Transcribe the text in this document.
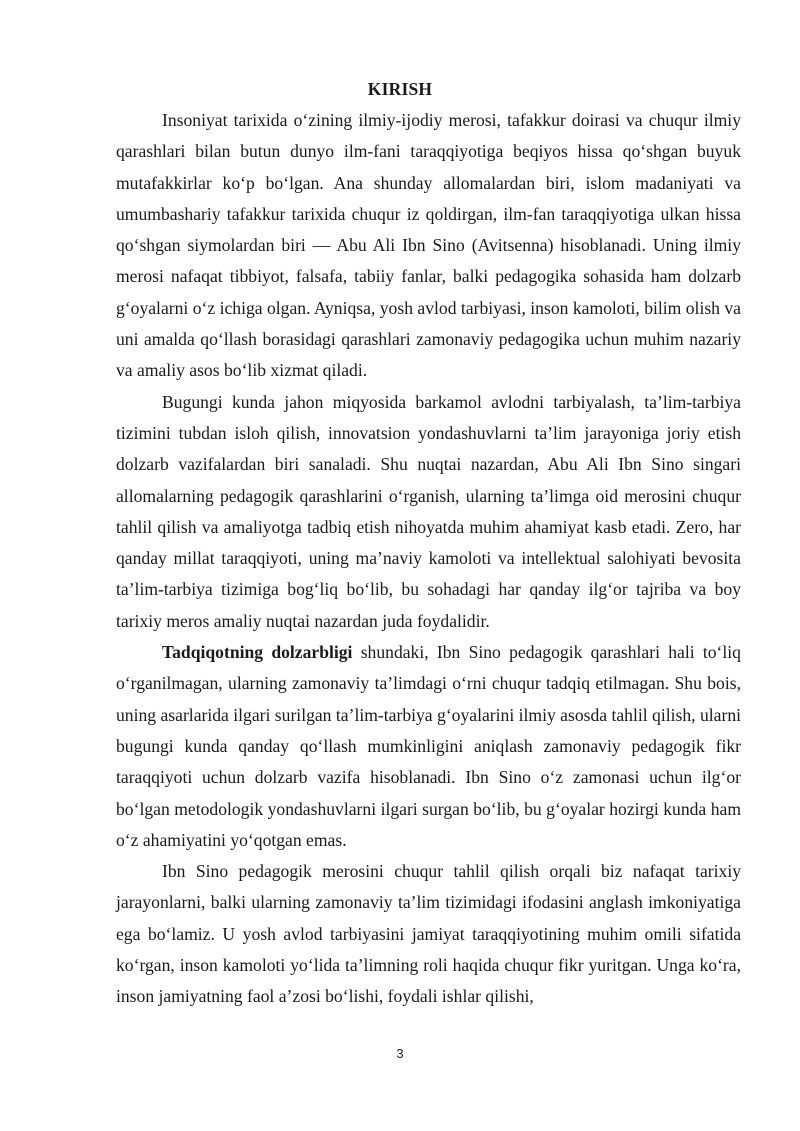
KIRISH

Insoniyat tarixida o‘zining ilmiy-ijodiy merosi, tafakkur doirasi va chuqur ilmiy qarashlari bilan butun dunyo ilm-fani taraqqiyotiga beqiyos hissa qo‘shgan buyuk mutafakkirlar ko‘p bo‘lgan. Ana shunday allomalardan biri, islom madaniyati va umumbashariy tafakkur tarixida chuqur iz qoldirgan, ilm-fan taraqqiyotiga ulkan hissa qo‘shgan siymolardan biri — Abu Ali Ibn Sino (Avitsenna) hisoblanadi. Uning ilmiy merosi nafaqat tibbiyot, falsafa, tabiiy fanlar, balki pedagogika sohasida ham dolzarb g‘oyalarni o‘z ichiga olgan. Ayniqsa, yosh avlod tarbiyasi, inson kamoloti, bilim olish va uni amalda qo‘llash borasidagi qarashlari zamonaviy pedagogika uchun muhim nazariy va amaliy asos bo‘lib xizmat qiladi.

Bugungi kunda jahon miqyosida barkamol avlodni tarbiyalash, ta’lim-tarbiya tizimini tubdan isloh qilish, innovatsion yondashuvlarni ta’lim jarayoniga joriy etish dolzarb vazifalardan biri sanaladi. Shu nuqtai nazardan, Abu Ali Ibn Sino singari allomalarning pedagogik qarashlarini o‘rganish, ularning ta’limga oid merosini chuqur tahlil qilish va amaliyotga tadbiq etish nihoyatda muhim ahamiyat kasb etadi. Zero, har qanday millat taraqqiyoti, uning ma’naviy kamoloti va intellektual salohiyati bevosita ta’lim-tarbiya tizimiga bog‘liq bo‘lib, bu sohadagi har qanday ilg‘or tajriba va boy tarixiy meros amaliy nuqtai nazardan juda foydalidir.

Tadqiqotning dolzarbligi shundaki, Ibn Sino pedagogik qarashlari hali to‘liq o‘rganilmagan, ularning zamonaviy ta’limdagi o‘rni chuqur tadqiq etilmagan. Shu bois, uning asarlarida ilgari surilgan ta’lim-tarbiya g‘oyalarini ilmiy asosda tahlil qilish, ularni bugungi kunda qanday qo‘llash mumkinligini aniqlash zamonaviy pedagogik fikr taraqqiyoti uchun dolzarb vazifa hisoblanadi. Ibn Sino o‘z zamonasi uchun ilg‘or bo‘lgan metodologik yondashuvlarni ilgari surgan bo‘lib, bu g‘oyalar hozirgi kunda ham o‘z ahamiyatini yo‘qotgan emas.

Ibn Sino pedagogik merosini chuqur tahlil qilish orqali biz nafaqat tarixiy jarayonlarni, balki ularning zamonaviy ta’lim tizimidagi ifodasini anglash imkoniyatiga ega bo‘lamiz. U yosh avlod tarbiyasini jamiyat taraqqiyotining muhim omili sifatida ko‘rgan, inson kamoloti yo‘lida ta’limning roli haqida chuqur fikr yuritgan. Unga ko‘ra, inson jamiyatning faol a’zosi bo‘lishi, foydali ishlar qilishi,

3
